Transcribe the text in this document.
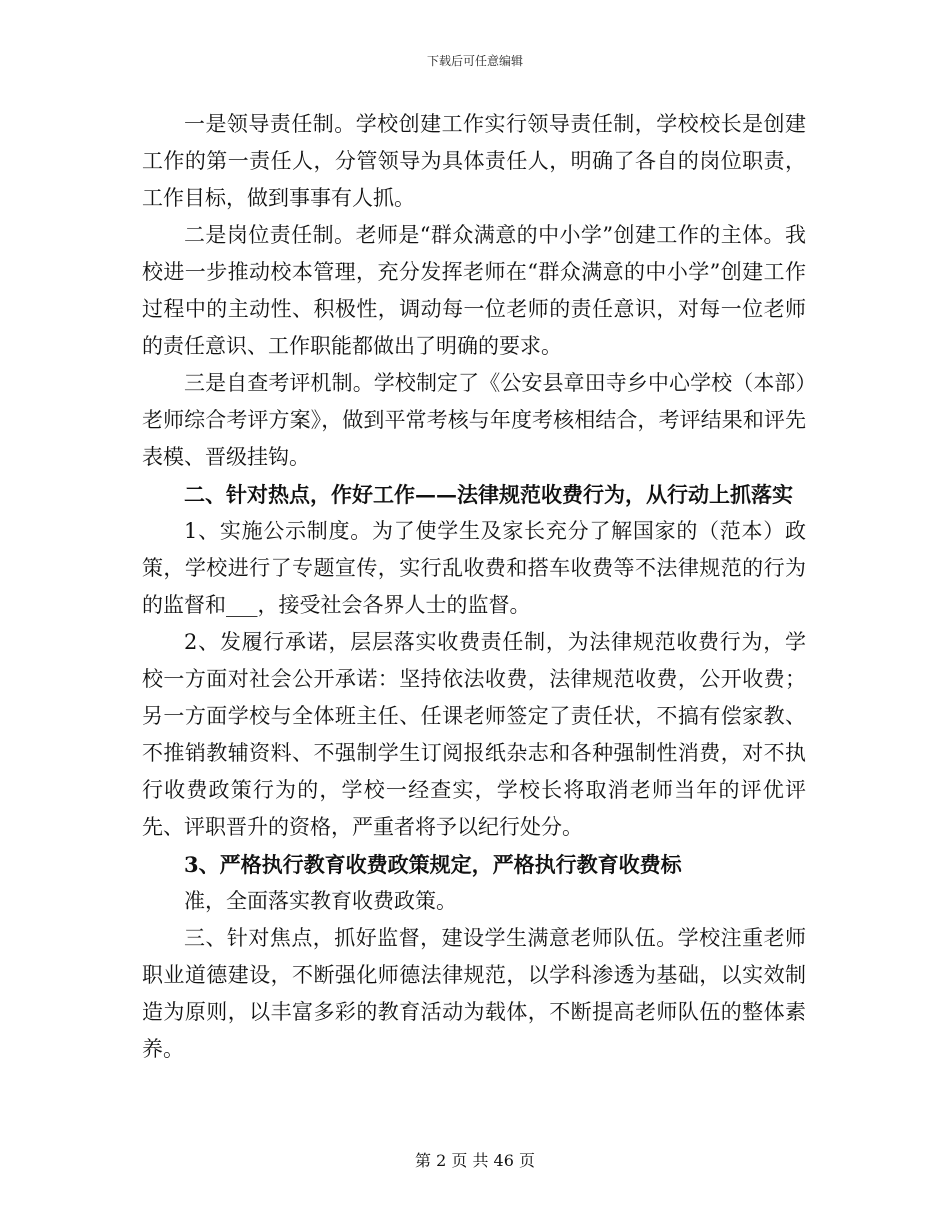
下载后可任意编辑

一是领导责任制。学校创建工作实行领导责任制，学校校长是创建工作的第一责任人，分管领导为具体责任人，明确了各自的岗位职责，工作目标，做到事事有人抓。

二是岗位责任制。老师是“群众满意的中小学”创建工作的主体。我校进一步推动校本管理，充分发挥老师在“群众满意的中小学”创建工作过程中的主动性、积极性，调动每一位老师的责任意识，对每一位老师的责任意识、工作职能都做出了明确的要求。

三是自查考评机制。学校制定了《公安县章田寺乡中心学校（本部）老师综合考评方案》，做到平常考核与年度考核相结合，考评结果和评先表模、晋级挂钩。

二、针对热点，作好工作——法律规范收费行为，从行动上抓落实

1、实施公示制度。为了使学生及家长充分了解国家的（范本）政策，学校进行了专题宣传，实行乱收费和搭车收费等不法律规范的行为的监督和___，接受社会各界人士的监督。

2、发履行承诺，层层落实收费责任制，为法律规范收费行为，学校一方面对社会公开承诺：坚持依法收费，法律规范收费，公开收费；另一方面学校与全体班主任、任课老师签定了责任状，不搞有偿家教、不推销教辅资料、不强制学生订阅报纸杂志和各种强制性消费，对不执行收费政策行为的，学校一经查实，学校长将取消老师当年的评优评先、评职晋升的资格，严重者将予以纪行处分。

3、严格执行教育收费政策规定，严格执行教育收费标

准，全面落实教育收费政策。

三、针对焦点，抓好监督，建设学生满意老师队伍。学校注重老师职业道德建设，不断强化师德法律规范，以学科渗透为基础，以实效制造为原则，以丰富多彩的教育活动为载体，不断提高老师队伍的整体素养。

第 2 页 共 46 页
